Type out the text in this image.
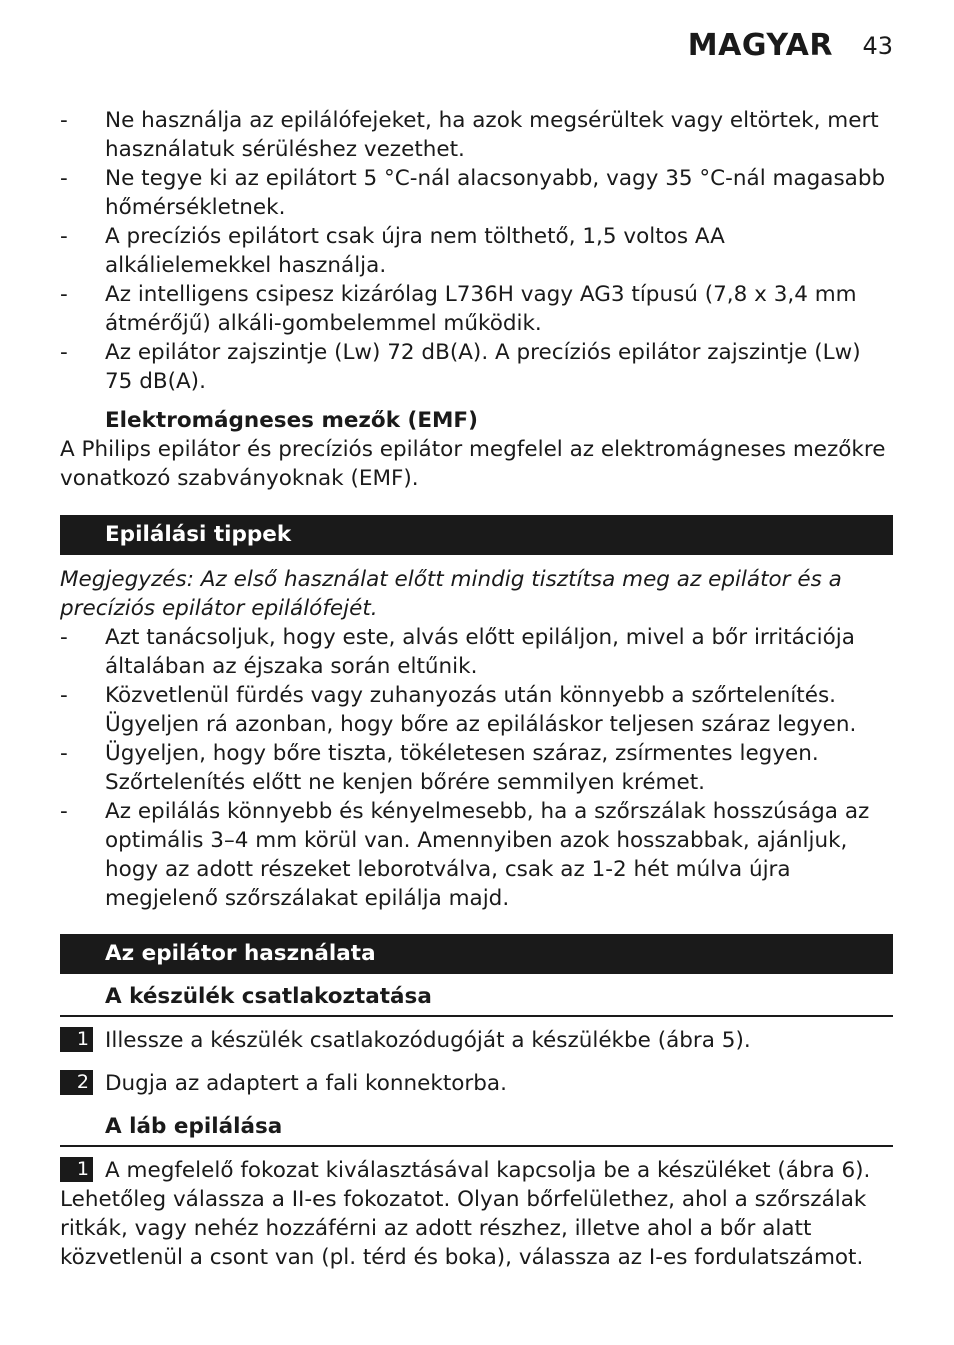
MAGYAR 43
- Ne használja az epilálófejeket, ha azok megsérültek vagy eltörtek, mert használatuk sérüléshez vezethet.
- Ne tegye ki az epilátort 5 °C-nál alacsonyabb, vagy 35 °C-nál magasabb hőmérsékletnek.
- A precíziós epilátort csak újra nem tölthető, 1,5 voltos AA alkálielemekkel használja.
- Az intelligens csipesz kizárólag L736H vagy AG3 típusú (7,8 x 3,4 mm átmérőjű) alkáli-gombelemmel működik.
- Az epilátor zajszintje (Lw) 72 dB(A). A precíziós epilátor zajszintje (Lw) 75 dB(A).
Elektromágneses mezők (EMF)

A Philips epilátor és precíziós epilátor megfelel az elektromágneses mezőkre vonatkozó szabványoknak (EMF).

Epilálási tippek

Megjegyzés: Az első használat előtt mindig tisztítsa meg az epilátor és a precíziós epilátor epilálófejét.

- Azt tanácsoljuk, hogy este, alvás előtt epiláljon, mivel a bőr irritációja általában az éjszaka során eltűnik.
- Közvetlenül fürdés vagy zuhanyozás után könnyebb a szőrtelenítés. Ügyeljen rá azonban, hogy bőre az epiláláskor teljesen száraz legyen.
- Ügyeljen, hogy bőre tiszta, tökéletesen száraz, zsírmentes legyen. Szőrtelenítés előtt ne kenjen bőrére semmilyen krémet.
- Az epilálás könnyebb és kényelmesebb, ha a szőrszálak hosszúsága az optimális 3–4 mm körül van. Amennyiben azok hosszabbak, ajánljuk, hogy az adott részeket leborotválva, csak az 1-2 hét múlva újra megjelenő szőrszálakat epilálja majd.
Az epilátor használata
A készülék csatlakoztatása
1 Illessze a készülék csatlakozódugóját a készülékbe (ábra 5).
2 Dugja az adaptert a fali konnektorba.
A láb epilálása
1 A megfelelő fokozat kiválasztásával kapcsolja be a készüléket (ábra 6).

Lehetőleg válassza a II-es fokozatot. Olyan bőrfelülethez, ahol a szőrszálak ritkák, vagy nehéz hozzáférni az adott részhez, illetve ahol a bőr alatt közvetlenül a csont van (pl. térd és boka), válassza az I-es fordulatszámot.
